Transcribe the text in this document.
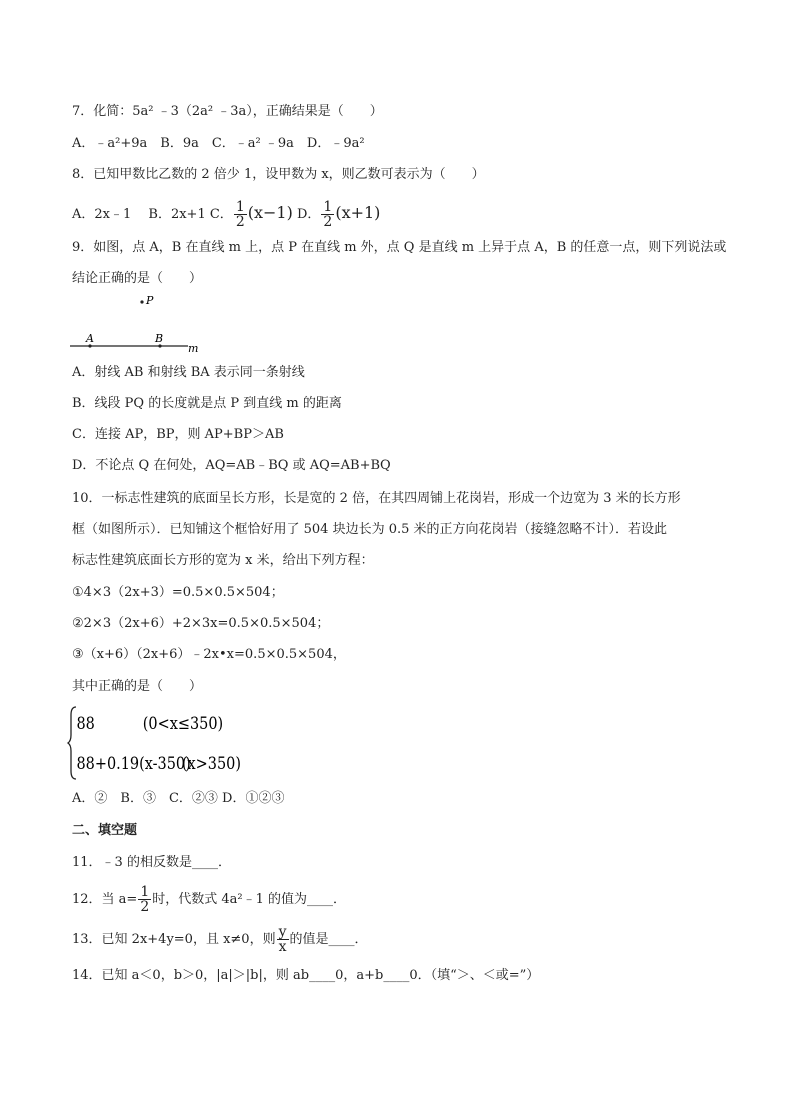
7．化简：5a² ﹣3（2a² ﹣3a），正确结果是（　　）
A．﹣a²+9a　B．9a　C．﹣a² ﹣9a　D．﹣9a²
8．已知甲数比乙数的 2 倍少 1，设甲数为 x，则乙数可表示为（　　）
A．2x﹣1　 B．2x+1 C． $\frac{1}{2} (x-1)$ D． $\frac{1}{2} (x+1)$
9．如图，点 A，B 在直线 m 上，点 P 在直线 m 外，点 Q 是直线 m 上异于点 A，B 的任意一点，则下列说法或
结论正确的是（　　）
P
A	B
m
A．射线 AB 和射线 BA 表示同一条射线
B．线段 PQ 的长度就是点 P 到直线 m 的距离
C．连接 AP，BP，则 AP+BP＞AB
D．不论点 Q 在何处，AQ=AB﹣BQ 或 AQ=AB+BQ
10．一标志性建筑的底面呈长方形，长是宽的 2 倍，在其四周铺上花岗岩，形成一个边宽为 3 米的长方形
框（如图所示）．已知铺这个框恰好用了 504 块边长为 0.5 米的正方向花岗岩（接缝忽略不计）．若设此
标志性建筑底面长方形的宽为 x 米，给出下列方程：
①4×3（2x+3）=0.5×0.5×504；
②2×3（2x+6）+2×3x=0.5×0.5×504；
③（x+6）（2x+6）﹣2x•x=0.5×0.5×504，
其中正确的是（　　）
88	(0<x≤350)
88+0.19(x-350)
(x>350)
A．②　B．③　C．②③ D．①②③
二、填空题
11．﹣3 的相反数是____．
12．当 $a= \frac{1}{2}$ 时，代数式 4a²﹣1 的值为____．
13．已知 2x+4y=0，且 x≠0，则 $\frac{y}{x}$ 的值是____．
14．已知 a＜0，b＞0，|a|＞|b|，则 ab____0，a+b____0．（填“＞、＜或=”）
